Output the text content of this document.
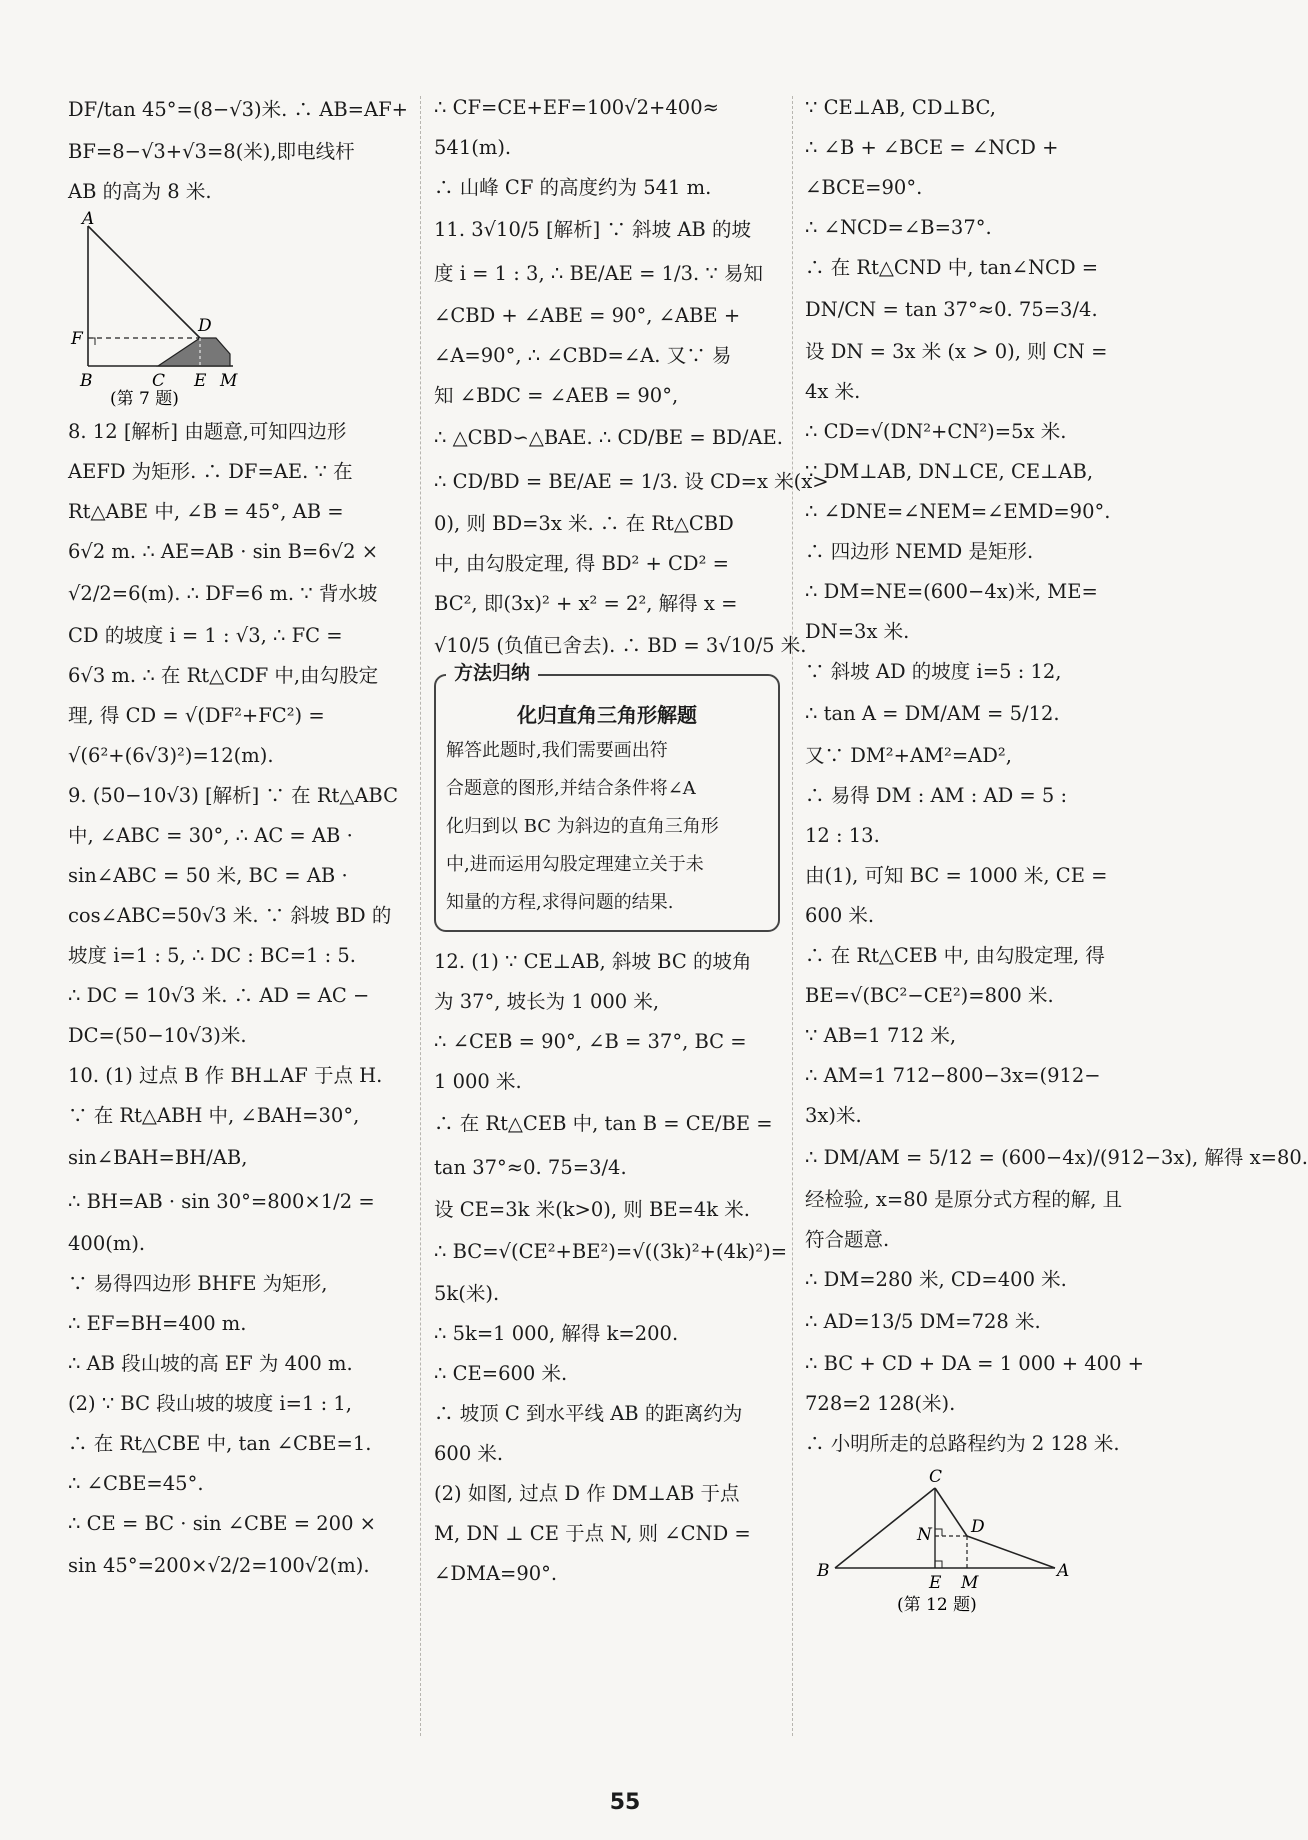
DF/tan 45°=(8−√3)米. ∴ AB=AF+
BF=8−√3+√3=8(米),即电线杆
AB 的高为 8 米.
A
F
D
B	C E M
(第 7 题)
8. 12 [解析] 由题意,可知四边形
AEFD 为矩形. ∴ DF=AE. ∵ 在
Rt△ABE 中, ∠B = 45°, AB =
6√2 m. ∴ AE=AB · sin B=6√2 ×
√2/2=6(m). ∴ DF=6 m. ∵ 背水坡
CD 的坡度 i = 1 : √3, ∴ FC =
6√3 m. ∴ 在 Rt△CDF 中,由勾股定
理, 得 CD = √(DF²+FC²) =
√(6²+(6√3)²)=12(m).
9. (50−10√3) [解析] ∵ 在 Rt△ABC
中, ∠ABC = 30°, ∴ AC = AB ·
sin∠ABC = 50 米, BC = AB ·
cos∠ABC=50√3 米. ∵ 斜坡 BD 的
坡度 i=1 : 5, ∴ DC : BC=1 : 5.
∴ DC = 10√3 米. ∴ AD = AC −
DC=(50−10√3)米.
10. (1) 过点 B 作 BH⊥AF 于点 H.
∵ 在 Rt△ABH 中, ∠BAH=30°,
sin∠BAH=BH/AB,
∴ BH=AB · sin 30°=800×1/2 =
400(m).
∵ 易得四边形 BHFE 为矩形,
∴ EF=BH=400 m.
∴ AB 段山坡的高 EF 为 400 m.
(2) ∵ BC 段山坡的坡度 i=1 : 1,
∴ 在 Rt△CBE 中, tan ∠CBE=1.
∴ ∠CBE=45°.
∴ CE = BC · sin ∠CBE = 200 ×
sin 45°=200×√2/2=100√2(m).
∴ CF=CE+EF=100√2+400≈
541(m).
∴ 山峰 CF 的高度约为 541 m.
11. 3√10/5 [解析] ∵ 斜坡 AB 的坡
度 i = 1 : 3, ∴ BE/AE = 1/3. ∵ 易知
∠CBD + ∠ABE = 90°, ∠ABE +
∠A=90°, ∴ ∠CBD=∠A. 又∵ 易
知 ∠BDC = ∠AEB = 90°,
∴ △CBD∽△BAE. ∴ CD/BE = BD/AE.
∴ CD/BD = BE/AE = 1/3. 设 CD=x 米(x>
0), 则 BD=3x 米. ∴ 在 Rt△CBD
中, 由勾股定理, 得 BD² + CD² =
BC², 即(3x)² + x² = 2², 解得 x =
√10/5 (负值已舍去). ∴ BD = 3√10/5 米.
方法归纳
化归直角三角形解题
解答此题时,我们需要画出符
合题意的图形,并结合条件将∠A
化归到以 BC 为斜边的直角三角形
中,进而运用勾股定理建立关于未
知量的方程,求得问题的结果.
12. (1) ∵ CE⊥AB, 斜坡 BC 的坡角
为 37°, 坡长为 1 000 米,
∴ ∠CEB = 90°, ∠B = 37°, BC =
1 000 米.
∴ 在 Rt△CEB 中, tan B = CE/BE =
tan 37°≈0. 75=3/4.
设 CE=3k 米(k>0), 则 BE=4k 米.
∴ BC=√(CE²+BE²)=√((3k)²+(4k)²)=
5k(米).
∴ 5k=1 000, 解得 k=200.
∴ CE=600 米.
∴ 坡顶 C 到水平线 AB 的距离约为
600 米.
(2) 如图, 过点 D 作 DM⊥AB 于点
M, DN ⊥ CE 于点 N, 则 ∠CND =
∠DMA=90°.
∵ CE⊥AB, CD⊥BC,
∴ ∠B + ∠BCE = ∠NCD +
∠BCE=90°.
∴ ∠NCD=∠B=37°.
∴ 在 Rt△CND 中, tan∠NCD =
DN/CN = tan 37°≈0. 75=3/4.
设 DN = 3x 米 (x > 0), 则 CN =
4x 米.
∴ CD=√(DN²+CN²)=5x 米.
∵ DM⊥AB, DN⊥CE, CE⊥AB,
∴ ∠DNE=∠NEM=∠EMD=90°.
∴ 四边形 NEMD 是矩形.
∴ DM=NE=(600−4x)米, ME=
DN=3x 米.
∵ 斜坡 AD 的坡度 i=5 : 12,
∴ tan A = DM/AM = 5/12.
又∵ DM²+AM²=AD²,
∴ 易得 DM : AM : AD = 5 :
12 : 13.
由(1), 可知 BC = 1000 米, CE =
600 米.
∴ 在 Rt△CEB 中, 由勾股定理, 得
BE=√(BC²−CE²)=800 米.
∵ AB=1 712 米,
∴ AM=1 712−800−3x=(912−
3x)米.
∴ DM/AM = 5/12 = (600−4x)/(912−3x), 解得 x=80.
经检验, x=80 是原分式方程的解, 且
符合题意.
∴ DM=280 米, CD=400 米.
∴ AD=13/5 DM=728 米.
∴ BC + CD + DA = 1 000 + 400 +
728=2 128(米).
∴ 小明所走的总路程约为 2 128 米.
C
N D
B
E M
A
(第 12 题)
55
